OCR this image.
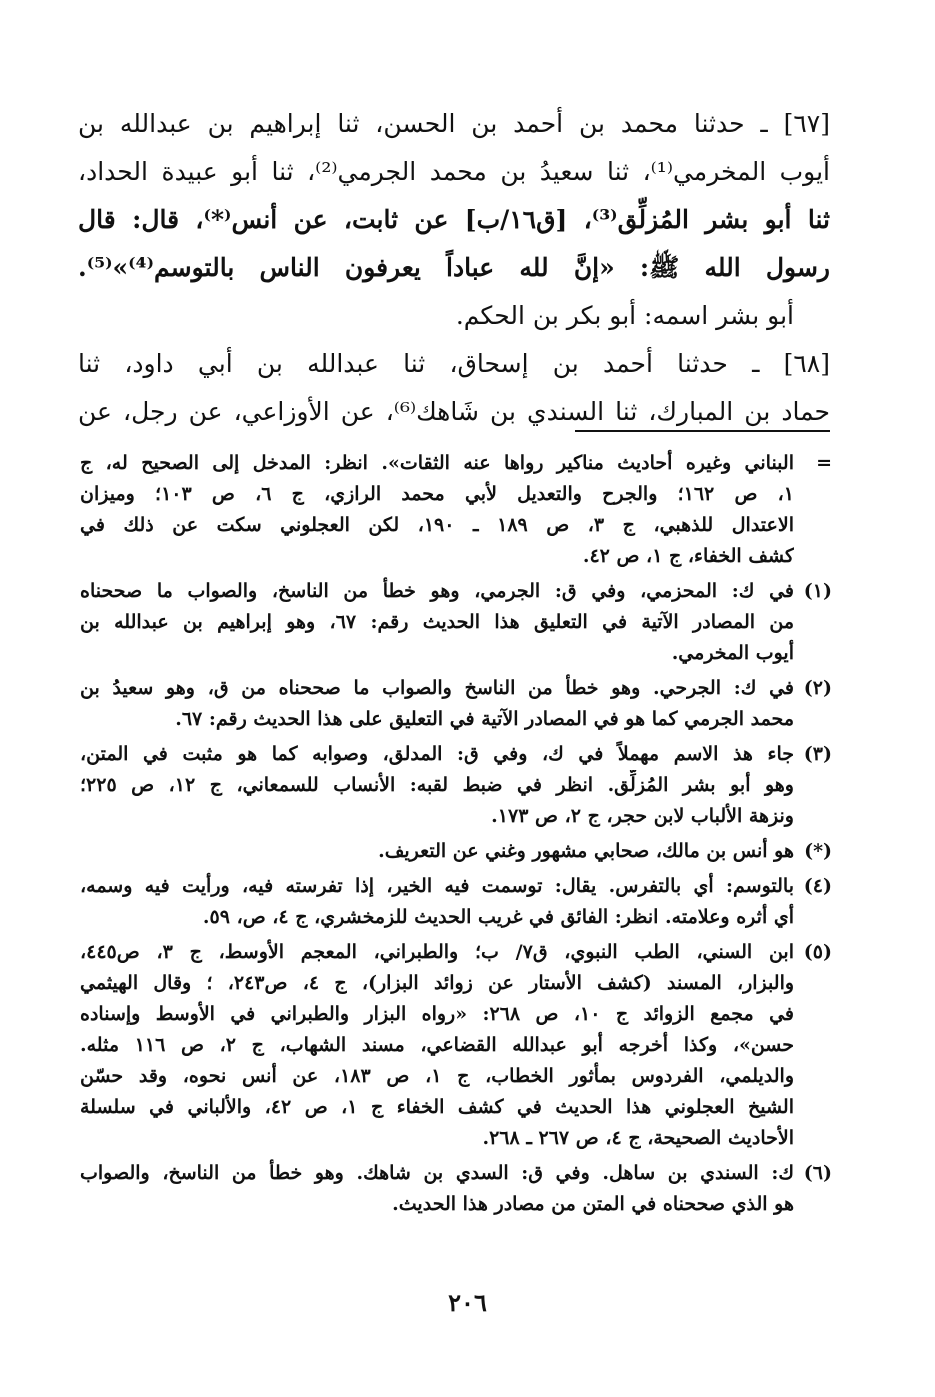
[٦٧] ـ حدثنا محمد بن أحمد بن الحسن، ثنا إبراهيم بن عبدالله بن
أيوب المخرمي⁽¹⁾، ثنا سعيدُ بن محمد الجرمي⁽²⁾، ثنا أبو عبيدة الحداد،
ثنا أبو بشر المُزلِّق⁽³⁾، [ق١٦/ب] عن ثابت، عن أنس⁽*⁾، قال: قال
رسول الله ﷺ: «إنَّ لله عباداً يعرفون الناس بالتوسم⁽⁴⁾»⁽⁵⁾.
أبو بشر اسمه: أبو بكر بن الحكم.
[٦٨] ـ حدثنا أحمد بن إسحاق، ثنا عبدالله بن أبي داود، ثنا
حماد بن المبارك، ثنا السندي بن شَاهك⁽⁶⁾، عن الأوزاعي، عن رجل، عن
=
البناني وغيره أحاديث مناكير رواها عنه الثقات». انظر: المدخل إلى الصحيح له، ج
١، ص ١٦٢؛ والجرح والتعديل لأبي محمد الرازي، ج ٦، ص ١٠٣؛ وميزان
الاعتدال للذهبي، ج ٣، ص ١٨٩ ـ ١٩٠، لكن العجلوني سكت عن ذلك في
كشف الخفاء، ج ١، ص ٤٢.
(١)
في ك: المحزمي، وفي ق: الجرمي، وهو خطأ من الناسخ، والصواب ما صححناه
من المصادر الآتية في التعليق هذا الحديث رقم: ٦٧، وهو إبراهيم بن عبدالله بن
أيوب المخرمي.
(٢)
في ك: الجرحي. وهو خطأ من الناسخ والصواب ما صححناه من ق، وهو سعيدُ بن
محمد الجرمي كما هو في المصادر الآتية في التعليق على هذا الحديث رقم: ٦٧.
(٣)
جاء هذ الاسم مهملاً في ك، وفي ق: المدلق، وصوابه كما هو مثبت في المتن،
وهو أبو بشر المُزلِّق. انظر في ضبط لقبه: الأنساب للسمعاني، ج ١٢، ص ٢٢٥؛
ونزهة الألباب لابن حجر، ج ٢، ص ١٧٣.
(*)
هو أنس بن مالك، صحابي مشهور وغني عن التعريف.
(٤)
بالتوسم: أي بالتفرس. يقال: توسمت فيه الخير، إذا تفرسته فيه، ورأيت فيه وسمه،
أي أثره وعلامته. انظر: الفائق في غريب الحديث للزمخشري، ج ٤، ص، ٥٩.
(٥)
ابن السني، الطب النبوي، ق٧/ ب؛ والطبراني، المعجم الأوسط، ج ٣، ص٤٤٥،
والبزار، المسند (كشف الأستار عن زوائد البزار)، ج ٤، ص٢٤٣، ؛ وقال الهيثمي
في مجمع الزوائد ج ١٠، ص ٢٦٨: «رواه البزار والطبراني في الأوسط وإسناده
حسن»، وكذا أخرجه أبو عبدالله القضاعي، مسند الشهاب، ج ٢، ص ١١٦ مثله.
والديلمي، الفردوس بمأثور الخطاب، ج ١، ص ١٨٣، عن أنس نحوه، وقد حسّن
الشيخ العجلوني هذا الحديث في كشف الخفاء ج ١، ص ٤٢، والألباني في سلسلة
الأحاديث الصحيحة، ج ٤، ص ٢٦٧ ـ ٢٦٨.
(٦)
ك: السندي بن ساهل. وفي ق: السدي بن شاهك. وهو خطأ من الناسخ، والصواب
هو الذي صححناه في المتن من مصادر هذا الحديث.
٢٠٦
